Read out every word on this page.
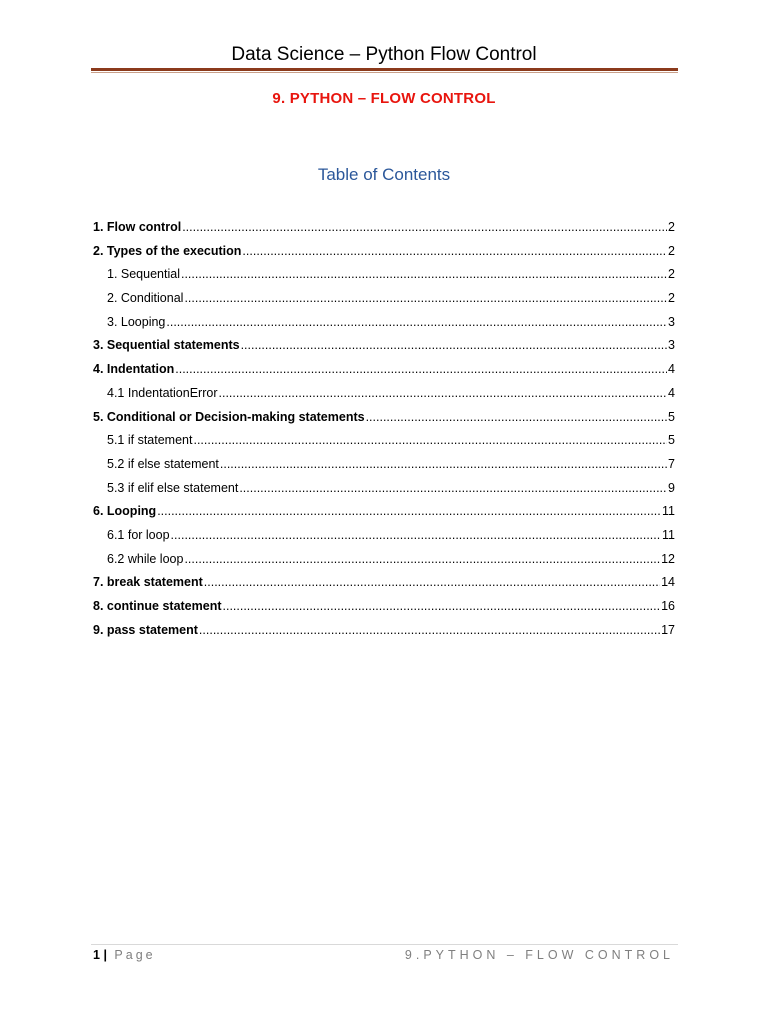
Data Science – Python Flow Control
9. PYTHON – FLOW CONTROL
Table of Contents
1. Flow control .....	2
2. Types of the execution .....	2
1. Sequential .....	2
2. Conditional .....	2
3. Looping .....	3
3. Sequential statements .....	3
4. Indentation .....	4
4.1 IndentationError .....	4
5. Conditional or Decision-making statements .....	5
5.1 if statement .....	5
5.2 if else statement .....	7
5.3 if elif else statement .....	9
6. Looping .....	11
6.1 for loop .....	11
6.2 while loop .....	12
7. break statement .....	14
8. continue statement .....	16
9. pass statement .....	17
1 | Page	9.PYTHON – FLOW CONTROL
